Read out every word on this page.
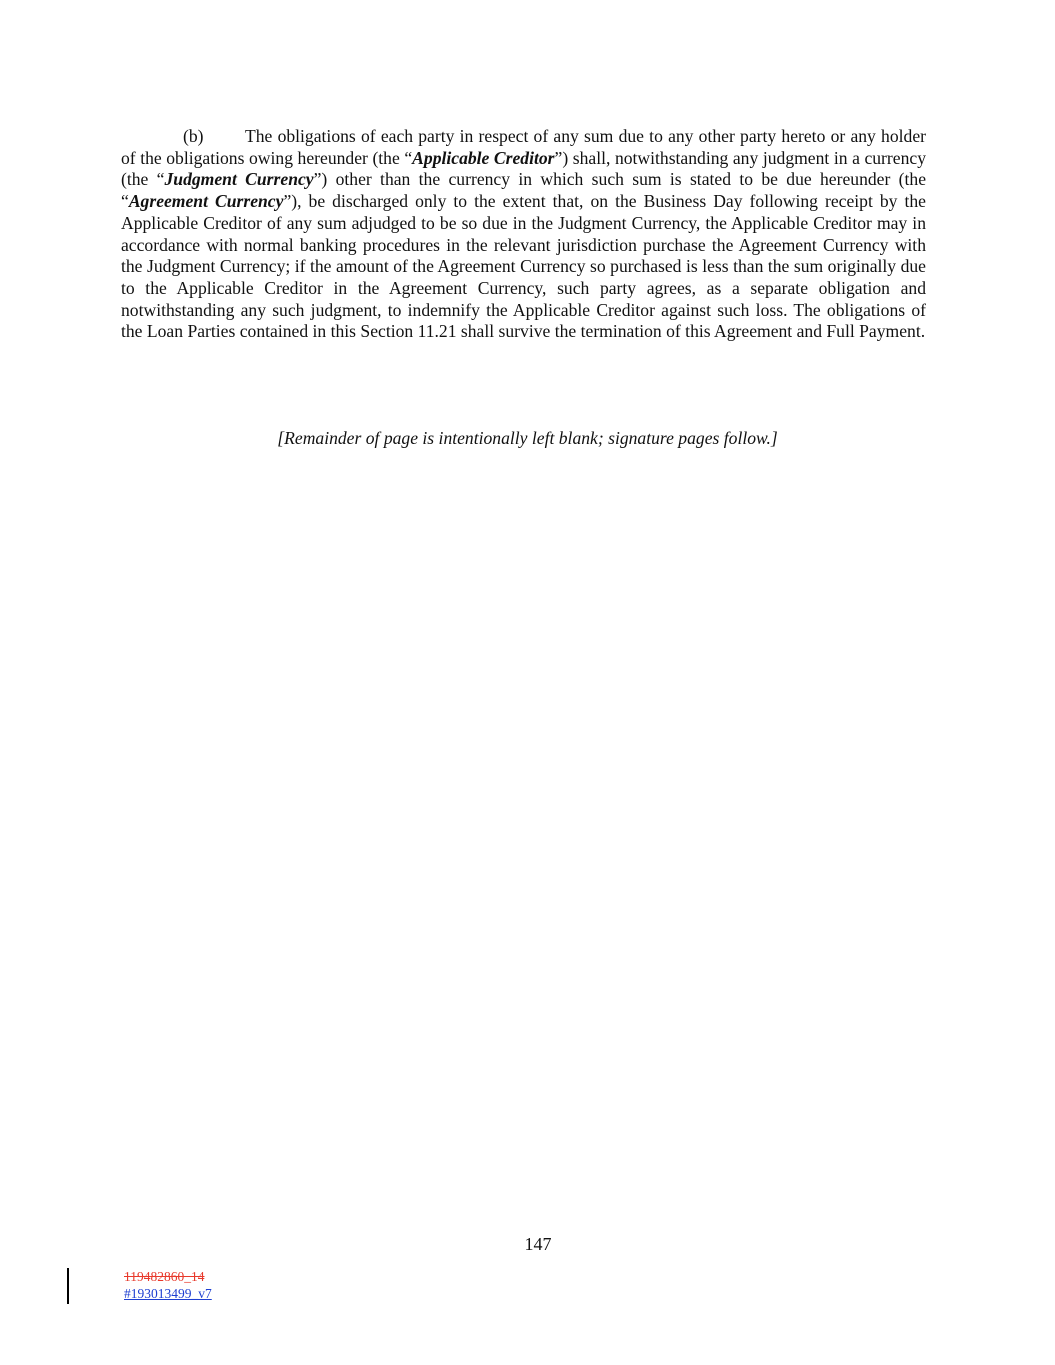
(b) The obligations of each party in respect of any sum due to any other party hereto or any holder of the obligations owing hereunder (the “Applicable Creditor”) shall, notwithstanding any judgment in a currency (the “Judgment Currency”) other than the currency in which such sum is stated to be due hereunder (the “Agreement Currency”), be discharged only to the extent that, on the Business Day following receipt by the Applicable Creditor of any sum adjudged to be so due in the Judgment Currency, the Applicable Creditor may in accordance with normal banking procedures in the relevant jurisdiction purchase the Agreement Currency with the Judgment Currency; if the amount of the Agreement Currency so purchased is less than the sum originally due to the Applicable Creditor in the Agreement Currency, such party agrees, as a separate obligation and notwithstanding any such judgment, to indemnify the Applicable Creditor against such loss. The obligations of the Loan Parties contained in this Section 11.21 shall survive the termination of this Agreement and Full Payment.

[Remainder of page is intentionally left blank; signature pages follow.]

147

119482860_14

#193013499_v7
